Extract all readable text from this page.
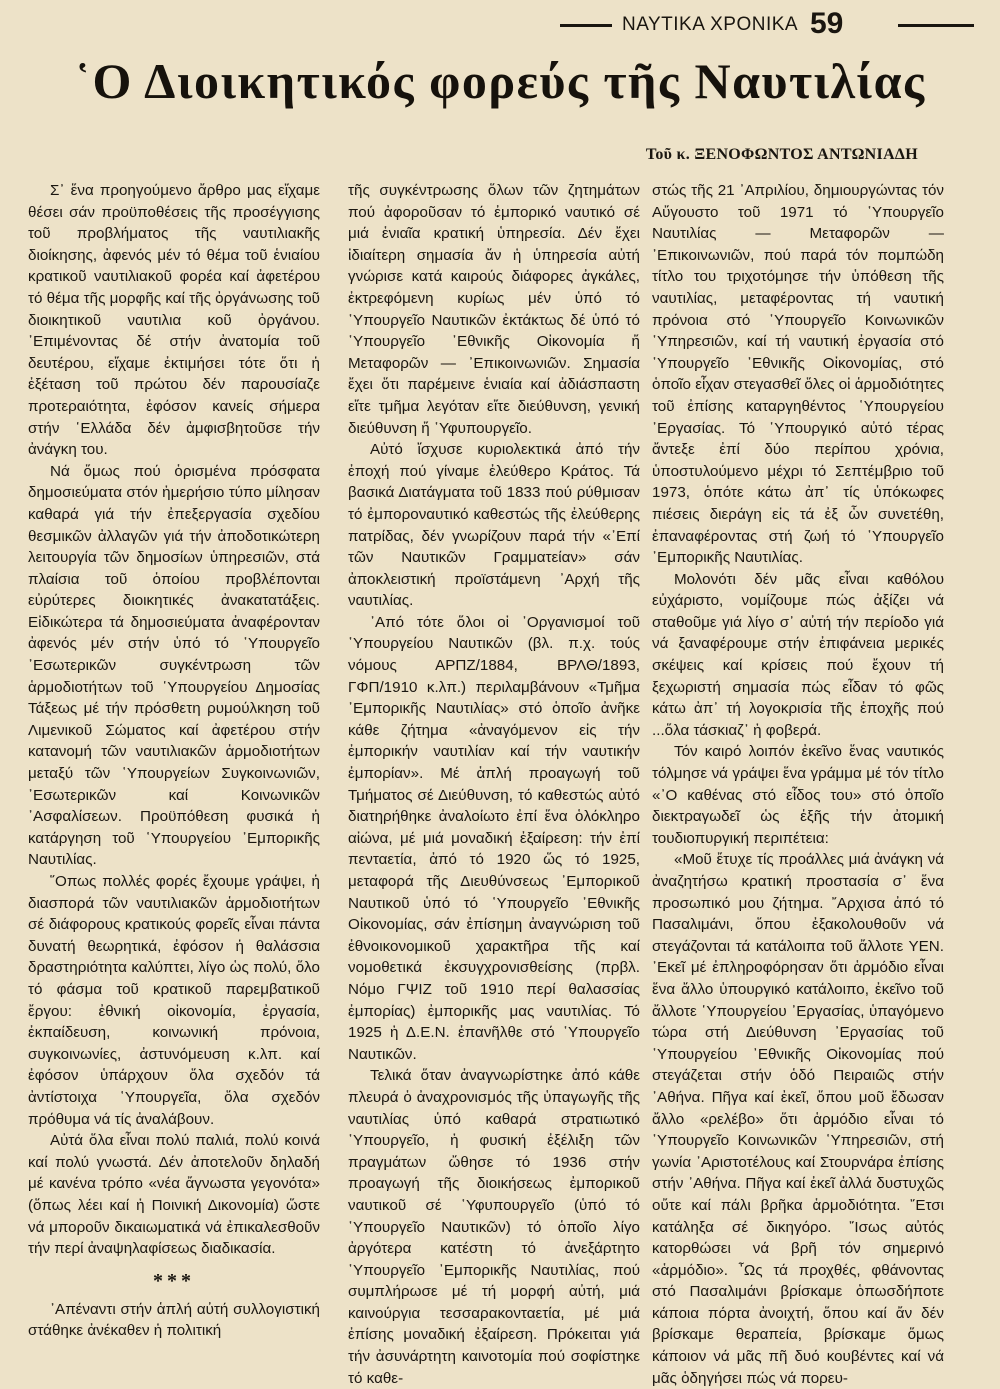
ΝΑΥΤΙΚΑ ΧΡΟΝΙΚΑ 59
῾Ο Διοικητικός φορεύς τῆς Ναυτιλίας
Τοῦ κ. ΞΕΝΟΦΩΝΤΟΣ ΑΝΤΩΝΙΑΔΗ

Σ᾽ ἕνα προηγούμενο ἄρθρο μας εἴχαμε θέσει σάν προϋποθέσεις τῆς προσέγγισης τοῦ προβλήματος τῆς ναυτιλιακῆς διοίκησης, ἀφενός μέν τό θέμα τοῦ ἑνιαίου κρατικοῦ ναυτιλιακοῦ φορέα καί ἀφετέρου τό θέμα τῆς μορφῆς καί τῆς ὀργάνωσης τοῦ διοικητικοῦ ναυτιλια κοῦ ὀργάνου. ᾿Επιμένοντας δέ στήν ἀνατομία τοῦ δευτέρου, εἴχαμε ἐκτιμήσει τότε ὅτι ἡ ἐξέταση τοῦ πρώτου δέν παρουσίαζε προτεραιότητα, ἐφόσον κανείς σήμερα στήν ῾Ελλάδα δέν ἀμφισβητοῦσε τήν ἀνάγκη του.

Νά ὅμως πού ὁρισμένα πρόσφατα δημοσιεύματα στόν ἡμερήσιο τύπο μίλησαν καθαρά γιά τήν ἐπεξεργασία σχεδίου θεσμικῶν ἀλλαγῶν γιά τήν ἀποδοτικώτερη λειτουργία τῶν δημοσίων ὑπηρεσιῶν, στά πλαίσια τοῦ ὁποίου προβλέπονται εὐρύτερες διοικητικές ἀνακατατάξεις. Εἰδικώτερα τά δημοσιεύματα ἀναφέρονταν ἀφενός μέν στήν ὑπό τό ῾Υπουργεῖο ᾿Εσωτερικῶν συγκέντρωση τῶν ἁρμοδιοτήτων τοῦ ῾Υπουργείου Δημοσίας Τάξεως μέ τήν πρόσθετη ρυμούλκηση τοῦ Λιμενικοῦ Σώματος καί ἀφετέρου στήν κατανομή τῶν ναυτιλιακῶν ἁρμοδιοτήτων μεταξύ τῶν ῾Υπουργείων Συγκοινωνιῶν, ᾿Εσωτερικῶν καί Κοινωνικῶν ᾿Ασφαλίσεων. Προϋπόθεση φυσικά ἡ κατάργηση τοῦ ῾Υπουργείου ᾿Εμπορικῆς Ναυτιλίας.

῞Οπως πολλές φορές ἔχουμε γράψει, ἡ διασπορά τῶν ναυτιλιακῶν ἁρμοδιοτήτων σέ διάφορους κρατικούς φορεῖς εἶναι πάντα δυνατή θεωρητικά, ἐφόσον ἡ θαλάσσια δραστηριότητα καλύπτει, λίγο ὡς πολύ, ὅλο τό φάσμα τοῦ κρατικοῦ παρεμβατικοῦ ἔργου: ἐθνική οἰκονομία, ἐργασία, ἐκπαίδευση, κοινωνική πρόνοια, συγκοινωνίες, ἀστυνόμευση κ.λπ. καί ἐφόσον ὑπάρχουν ὅλα σχεδόν τά ἀντίστοιχα ῾Υπουργεῖα, ὅλα σχεδόν πρόθυμα νά τίς ἀναλάβουν.

Αὐτά ὅλα εἶναι πολύ παλιά, πολύ κοινά καί πολύ γνωστά. Δέν ἀποτελοῦν δηλαδή μέ κανένα τρόπο «νέα ἄγνωστα γεγονότα» (ὅπως λέει καί ἡ Ποινική Δικονομία) ὥστε νά μποροῦν δικαιωματικά νά ἐπικαλεσθοῦν τήν περί ἀναψηλαφίσεως διαδικασία.

***

᾿Απέναντι στήν ἁπλή αὐτή συλλογιστική στάθηκε ἀνέκαθεν ἡ πολιτική

τῆς συγκέντρωσης ὅλων τῶν ζητημάτων πού ἀφοροῦσαν τό ἐμπορικό ναυτικό σέ μιά ἑνιαῖα κρατική ὑπηρεσία. Δέν ἔχει ἰδιαίτερη σημασία ἄν ἡ ὑπηρεσία αὐτή γνώρισε κατά καιρούς διάφορες ἀγκάλες, ἐκτρεφόμενη κυρίως μέν ὑπό τό ῾Υπουργεῖο Ναυτικῶν ἐκτάκτως δέ ὑπό τό ῾Υπουργεῖο ᾿Εθνικῆς Οἰκονομία ἤ Μεταφορῶν — ᾿Επικοινωνιῶν. Σημασία ἔχει ὅτι παρέμεινε ἑνιαία καί ἀδιάσπαστη εἴτε τμῆμα λεγόταν εἴτε διεύθυνση, γενική διεύθυνση ἤ ῾Υφυπουργεῖο.

Αὐτό ἴσχυσε κυριολεκτικά ἀπό τήν ἐποχή πού γίναμε ἐλεύθερο Κράτος. Τά βασικά Διατάγματα τοῦ 1833 πού ρύθμισαν τό ἐμποροναυτικό καθεστώς τῆς ἐλεύθερης πατρίδας, δέν γνωρίζουν παρά τήν «᾿Επί τῶν Ναυτικῶν Γραμματείαν» σάν ἀποκλειστική προϊστάμενη ᾿Αρχή τῆς ναυτιλίας.

᾿Από τότε ὅλοι οἱ ᾿Οργανισμοί τοῦ ῾Υπουργείου Ναυτικῶν (βλ. π.χ. τούς νόμους ΑΡΠΖ/1884, ΒΡΛΘ/1893, ΓΦΠ/1910 κ.λπ.) περιλαμβάνουν «Τμῆμα ᾿Εμπορικῆς Ναυτιλίας» στό ὁποῖο ἀνῆκε κάθε ζήτημα «ἀναγόμενον εἰς τήν ἐμπορικήν ναυτιλίαν καί τήν ναυτικήν ἐμπορίαν». Μέ ἁπλή προαγωγή τοῦ Τμήματος σέ Διεύθυνση, τό καθεστώς αὐτό διατηρήθηκε ἀναλοίωτο ἐπί ἕνα ὁλόκληρο αἰώνα, μέ μιά μοναδική ἐξαίρεση: τήν ἐπί πενταετία, ἀπό τό 1920 ὥς τό 1925, μεταφορά τῆς Διευθύνσεως ᾿Εμπορικοῦ Ναυτικοῦ ὑπό τό ῾Υπουργεῖο ᾿Εθνικῆς Οἰκονομίας, σάν ἐπίσημη ἀναγνώριση τοῦ ἐθνοικονομικοῦ χαρακτῆρα τῆς καί νομοθετικά ἐκσυγχρονισθείσης (πρβλ. Νόμο ΓΨΙΖ τοῦ 1910 περί θαλασσίας ἐμπορίας) ἐμπορικῆς μας ναυτιλίας. Τό 1925 ἡ Δ.Ε.Ν. ἐπανῆλθε στό ῾Υπουργεῖο Ναυτικῶν.

Τελικά ὅταν ἀναγνωρίστηκε ἀπό κάθε πλευρά ὁ ἀναχρονισμός τῆς ὑπαγωγῆς τῆς ναυτιλίας ὑπό καθαρά στρατιωτικό ῾Υπουργεῖο, ἡ φυσική ἐξέλιξη τῶν πραγμάτων ὤθησε τό 1936 στήν προαγωγή τῆς διοικήσεως ἐμπορικοῦ ναυτικοῦ σέ ῾Υφυπουργεῖο (ὑπό τό ῾Υπουργεῖο Ναυτικῶν) τό ὁποῖο λίγο ἀργότερα κατέστη τό ἀνεξάρτητο ῾Υπουργεῖο ᾿Εμπορικῆς Ναυτιλίας, πού συμπλήρωσε μέ τή μορφή αὐτή, μιά καινούργια τεσσαρακονταετία, μέ μιά ἐπίσης μοναδική ἐξαίρεση. Πρόκειται γιά τήν ἀσυνάρτητη καινοτομία πού σοφίστηκε τό καθε-

στώς τῆς 21 ᾿Απριλίου, δημιουργώντας τόν Αὔγουστο τοῦ 1971 τό ῾Υπουργεῖο Ναυτιλίας — Μεταφορῶν — ᾿Επικοινωνιῶν, πού παρά τόν πομπώδη τίτλο του τριχοτόμησε τήν ὑπόθεση τῆς ναυτιλίας, μεταφέροντας τή ναυτική πρόνοια στό ῾Υπουργεῖο Κοινωνικῶν ῾Υπηρεσιῶν, καί τή ναυτική ἐργασία στό ῾Υπουργεῖο ᾿Εθνικῆς Οἰκονομίας, στό ὁποῖο εἶχαν στεγασθεῖ ὅλες οἱ ἁρμοδιότητες τοῦ ἐπίσης καταργηθέντος ῾Υπουργείου ᾿Εργασίας. Τό ῾Υπουργικό αὐτό τέρας ἄντεξε ἐπί δύο περίπου χρόνια, ὑποστυλούμενο μέχρι τό Σεπτέμβριο τοῦ 1973, ὁπότε κάτω ἀπ᾽ τίς ὑπόκωφες πιέσεις διεράγη εἰς τά ἐξ ὧν συνετέθη, ἐπαναφέροντας στή ζωή τό ῾Υπουργεῖο ᾿Εμπορικῆς Ναυτιλίας.

Μολονότι δέν μᾶς εἶναι καθόλου εὐχάριστο, νομίζουμε πώς ἀξίζει νά σταθοῦμε γιά λίγο σ᾽ αὐτή τήν περίοδο γιά νά ξαναφέρουμε στήν ἐπιφάνεια μερικές σκέψεις καί κρίσεις πού ἔχουν τή ξεχωριστή σημασία πώς εἶδαν τό φῶς κάτω ἀπ᾽ τή λογοκρισία τῆς ἐποχῆς πού ...ὅλα τάσκιαζ᾽ ἡ φοβερά.

Τόν καιρό λοιπόν ἐκεῖνο ἕνας ναυτικός τόλμησε νά γράψει ἕνα γράμμα μέ τόν τίτλο «᾿Ο καθένας στό εἶδος του» στό ὁποῖο διεκτραγωδεῖ ὡς ἑξῆς τήν ἀτομική τουδιοπυργική περιπέτεια:

«Μοῦ ἔτυχε τίς προάλλες μιά ἀνάγκη νά ἀναζητήσω κρατική προστασία σ᾽ ἕνα προσωπικό μου ζήτημα. ῎Αρχισα ἀπό τό Πασαλιμάνι, ὅπου ἐξακολουθοῦν νά στεγάζονται τά κατάλοιπα τοῦ ἄλλοτε ΥΕΝ. ᾿Εκεῖ μέ ἐπληροφόρησαν ὅτι ἁρμόδιο εἶναι ἕνα ἄλλο ὑπουργικό κατάλοιπο, ἐκεῖνο τοῦ ἄλλοτε ῾Υπουργείου ᾿Εργασίας, ὑπαγόμενο τώρα στή Διεύθυνση ᾿Εργασίας τοῦ ῾Υπουργείου ᾿Εθνικῆς Οἰκονομίας πού στεγάζεται στήν ὁδό Πειραιῶς στήν ᾿Αθήνα. Πῆγα καί ἐκεῖ, ὅπου μοῦ ἔδωσαν ἄλλο «ρελέβο» ὅτι ἁρμόδιο εἶναι τό ῾Υπουργεῖο Κοινωνικῶν ῾Υπηρεσιῶν, στή γωνία ᾿Αριστοτέλους καί Στουρνάρα ἐπίσης στήν ᾿Αθήνα. Πῆγα καί ἐκεῖ ἀλλά δυστυχῶς οὔτε καί πάλι βρῆκα ἁρμοδιότητα. ῎Ετσι κατάληξα σέ δικηγόρο. ῎Ισως αὐτός κατορθώσει νά βρῆ τόν σημερινό «ἁρμόδιο». ῏Ως τά προχθές, φθάνοντας στό Πασαλιμάνι βρίσκαμε ὁπωσδήποτε κάποια πόρτα ἀνοιχτή, ὅπου καί ἄν δέν βρίσκαμε θεραπεία, βρίσκαμε ὅμως κάποιον νά μᾶς πῆ δυό κουβέντες καί νά μᾶς ὁδηγήσει πώς νά πορευ-
